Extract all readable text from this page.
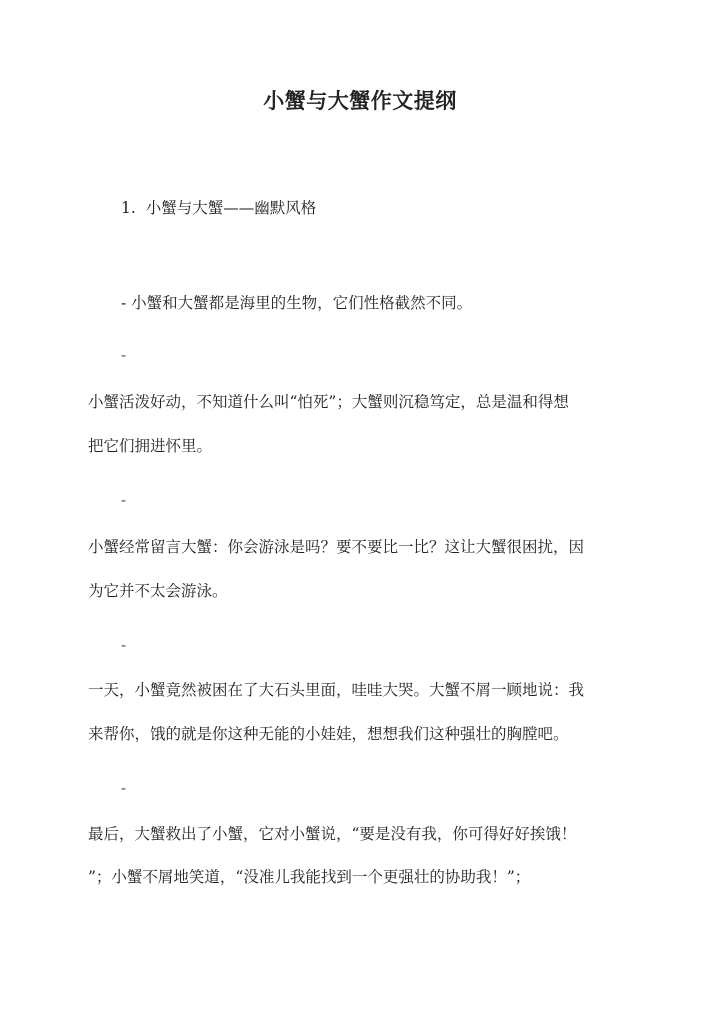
小蟹与大蟹作文提纲
1. 小蟹与大蟹——幽默风格
- 小蟹和大蟹都是海里的生物，它们性格截然不同。
-
小蟹活泼好动，不知道什么叫“怕死”；大蟹则沉稳笃定，总是温和得想
把它们拥进怀里。
-
小蟹经常留言大蟹：你会游泳是吗？要不要比一比？这让大蟹很困扰，因
为它并不太会游泳。
-
一天，小蟹竟然被困在了大石头里面，哇哇大哭。大蟹不屑一顾地说：我
来帮你，饿的就是你这种无能的小娃娃，想想我们这种强壮的胸膛吧。
-
最后，大蟹救出了小蟹，它对小蟹说，“要是没有我，你可得好好挨饿！
”；小蟹不屑地笑道，“没准儿我能找到一个更强壮的协助我！”；
